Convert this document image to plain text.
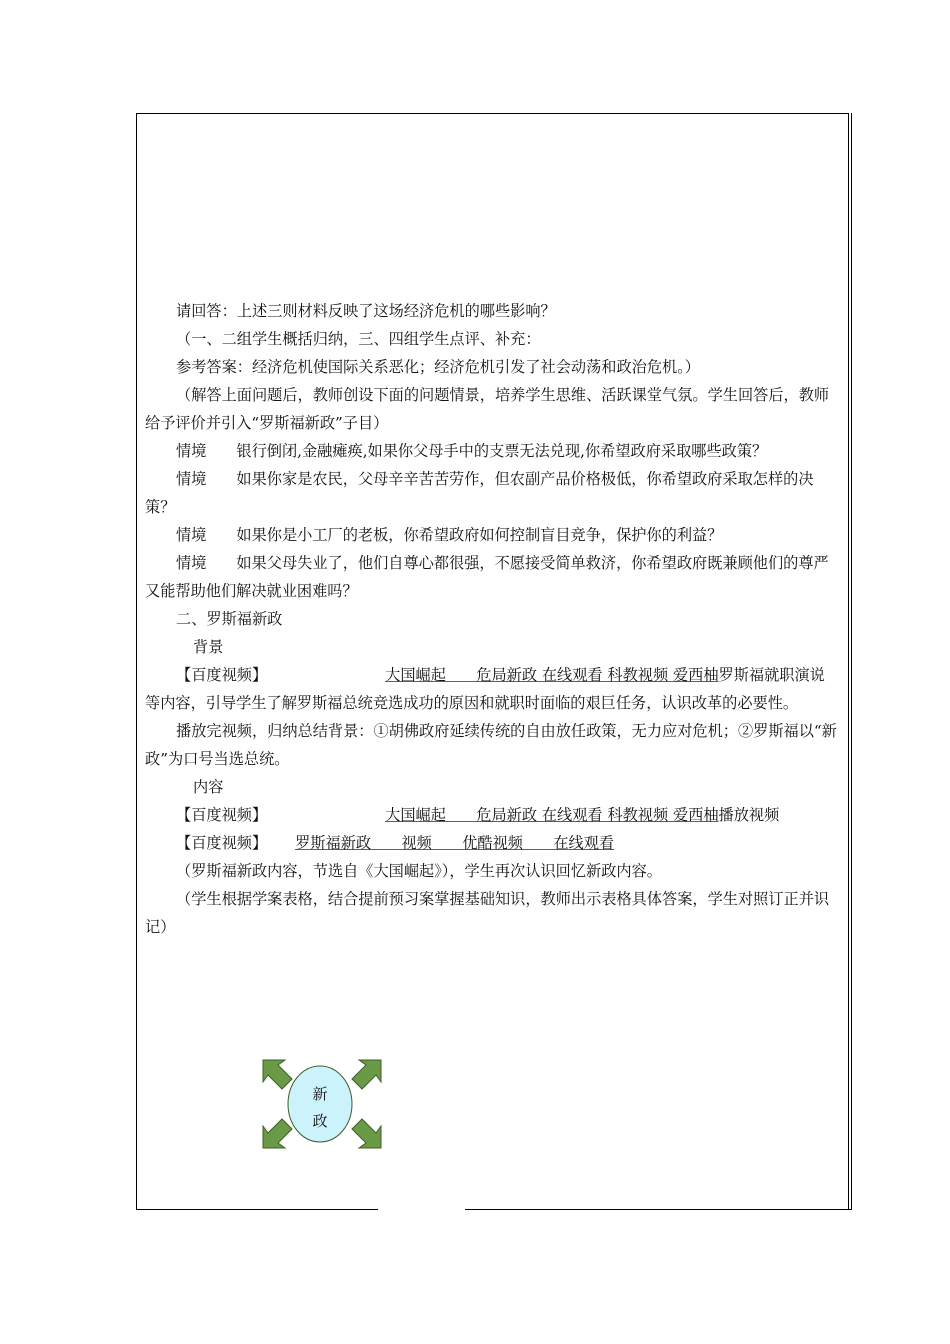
请回答：上述三则材料反映了这场经济危机的哪些影响？

（一、二组学生概括归纳，三、四组学生点评、补充：

参考答案：经济危机使国际关系恶化；经济危机引发了社会动荡和政治危机。）

（解答上面问题后，教师创设下面的问题情景，培养学生思维、活跃课堂气氛。学生回答后，教师给予评价并引入“罗斯福新政”子目）

情境 银行倒闭,金融瘫痪,如果你父母手中的支票无法兑现,你希望政府采取哪些政策？

情境 如果你家是农民，父母辛辛苦苦劳作，但农副产品价格极低，你希望政府采取怎样的决策？

情境 如果你是小工厂的老板，你希望政府如何控制盲目竞争，保护你的利益？

情境 如果父母失业了，他们自尊心都很强，不愿接受简单救济，你希望政府既兼顾他们的尊严又能帮助他们解决就业困难吗？

二、罗斯福新政

背景

【百度视频】	大国崛起　　危局新政 在线观看 科教视频 爱西柚罗斯福就职演说等内容，引导学生了解罗斯福总统竞选成功的原因和就职时面临的艰巨任务，认识改革的必要性。

播放完视频，归纳总结背景：①胡佛政府延续传统的自由放任政策，无力应对危机；②罗斯福以“新政”为口号当选总统。

内容

【百度视频】	大国崛起　　危局新政 在线观看 科教视频 爱西柚播放视频

【百度视频】 罗斯福新政　　视频　　优酷视频　　在线观看

（罗斯福新政内容，节选自《大国崛起》），学生再次认识回忆新政内容。

（学生根据学案表格，结合提前预习案掌握基础知识，教师出示表格具体答案，学生对照订正并识记）

新
政
